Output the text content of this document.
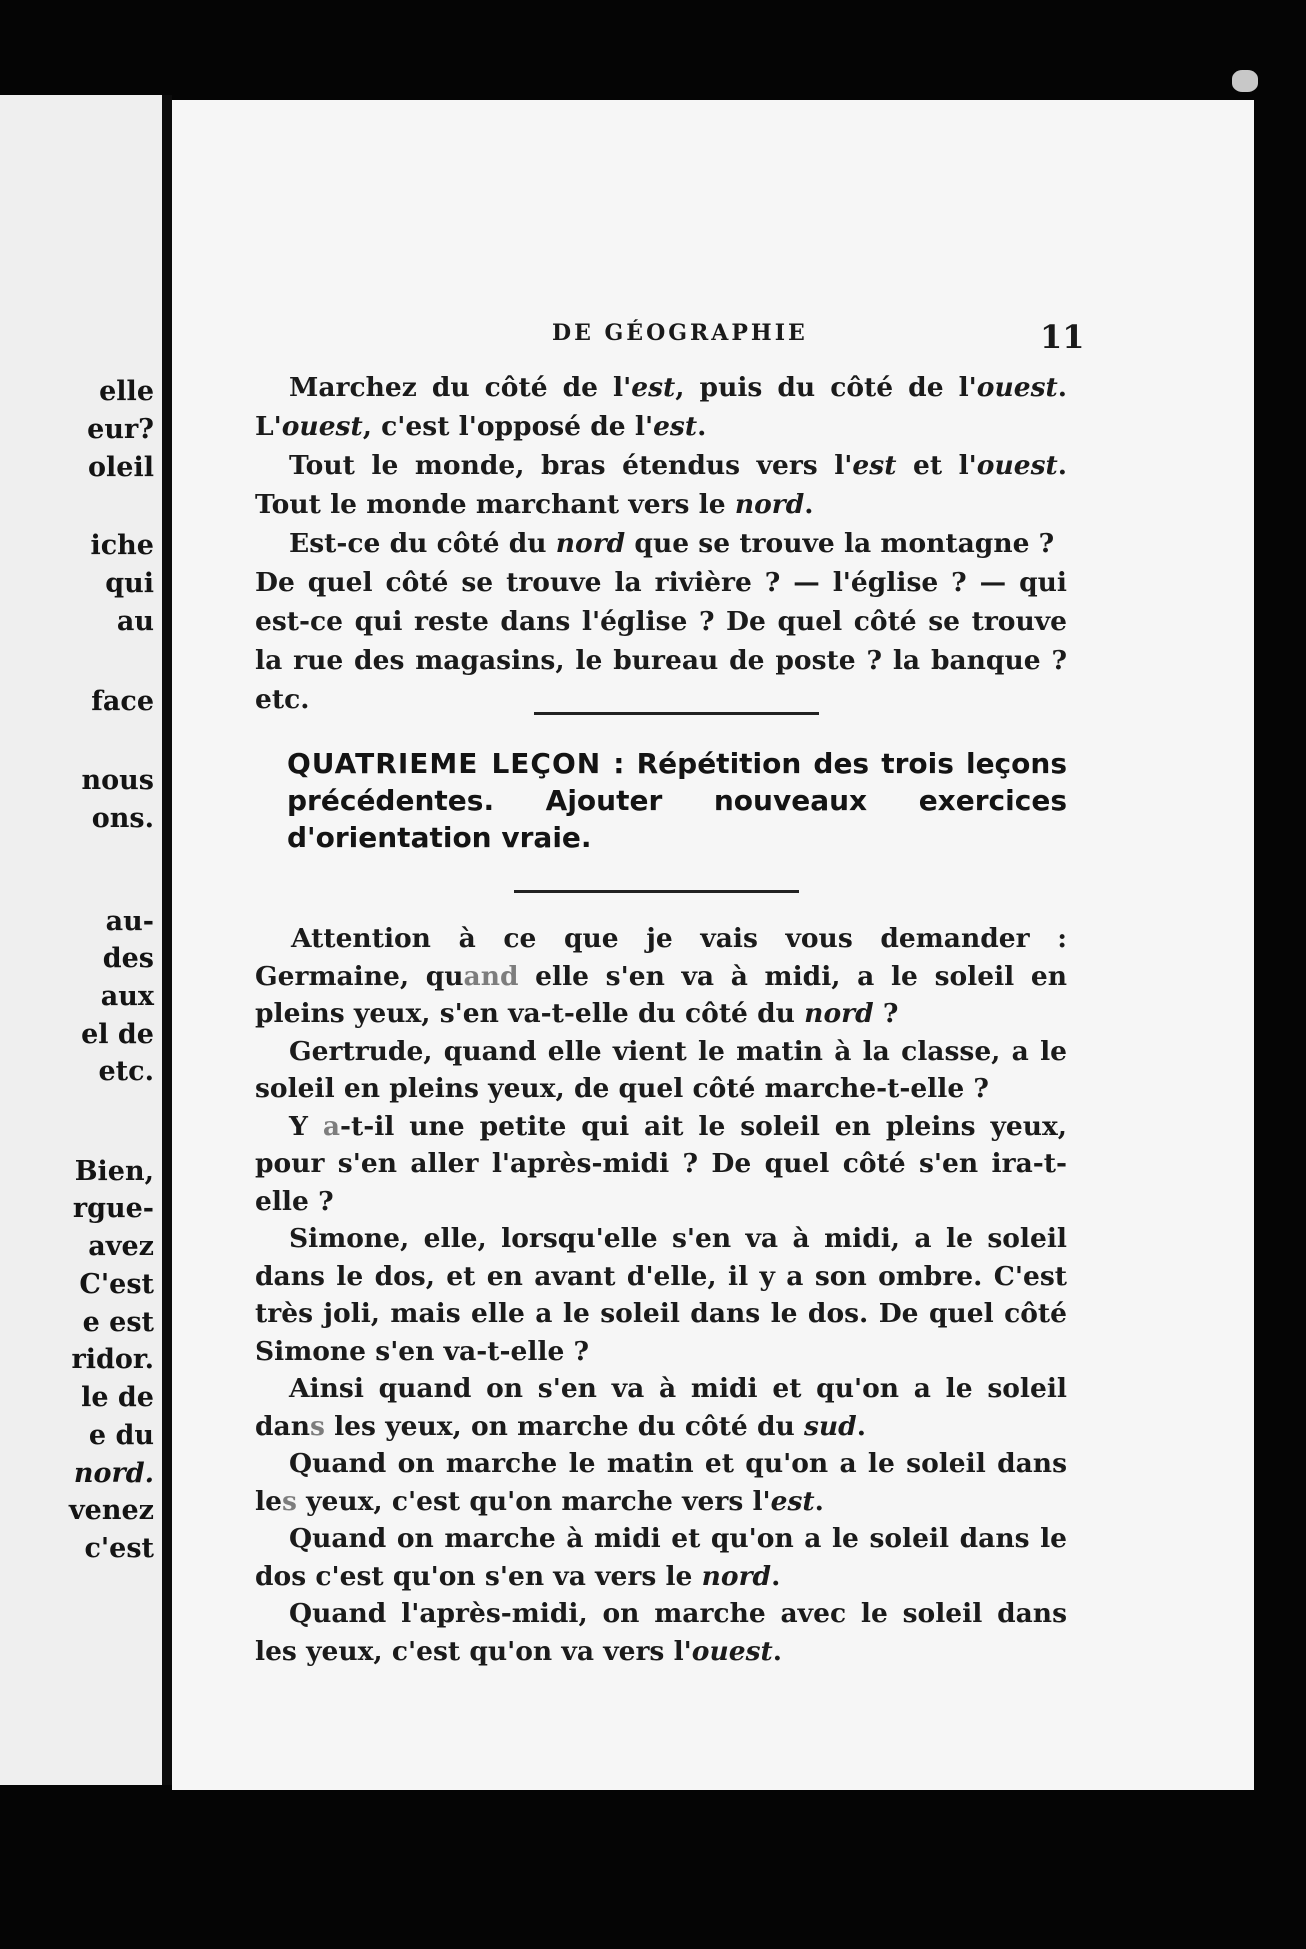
elle
eur?
oleil
iche
qui
au
face
nous
ons.
au-
des
aux
el de
etc.
Bien,
rgue-
avez
C'est
e est
ridor.
le de
e du
nord.
venez
c'est
DE GÉOGRAPHIE	11

Marchez du côté de l'est, puis du côté de l'ouest. L'ouest, c'est l'opposé de l'est.

Tout le monde, bras étendus vers l'est et l'ouest. Tout le monde marchant vers le nord.

Est-ce du côté du nord que se trouve la montagne ?

De quel côté se trouve la rivière ? — l'église ? — qui est-ce qui reste dans l'église ? De quel côté se trouve la rue des magasins, le bureau de poste ? la banque ? etc.

QUATRIEME LEÇON : Répétition des trois leçons précédentes. Ajouter nouveaux exercices d'orientation vraie.

Attention à ce que je vais vous demander : Germaine, quand elle s'en va à midi, a le soleil en pleins yeux, s'en va-t-elle du côté du nord ?

Gertrude, quand elle vient le matin à la classe, a le soleil en pleins yeux, de quel côté marche-t-elle ?

Y a-t-il une petite qui ait le soleil en pleins yeux, pour s'en aller l'après-midi ? De quel côté s'en ira-t-elle ?

Simone, elle, lorsqu'elle s'en va à midi, a le soleil dans le dos, et en avant d'elle, il y a son ombre. C'est très joli, mais elle a le soleil dans le dos. De quel côté Simone s'en va-t-elle ?

Ainsi quand on s'en va à midi et qu'on a le soleil dans les yeux, on marche du côté du sud.

Quand on marche le matin et qu'on a le soleil dans les yeux, c'est qu'on marche vers l'est.

Quand on marche à midi et qu'on a le soleil dans le dos c'est qu'on s'en va vers le nord.

Quand l'après-midi, on marche avec le soleil dans les yeux, c'est qu'on va vers l'ouest.
